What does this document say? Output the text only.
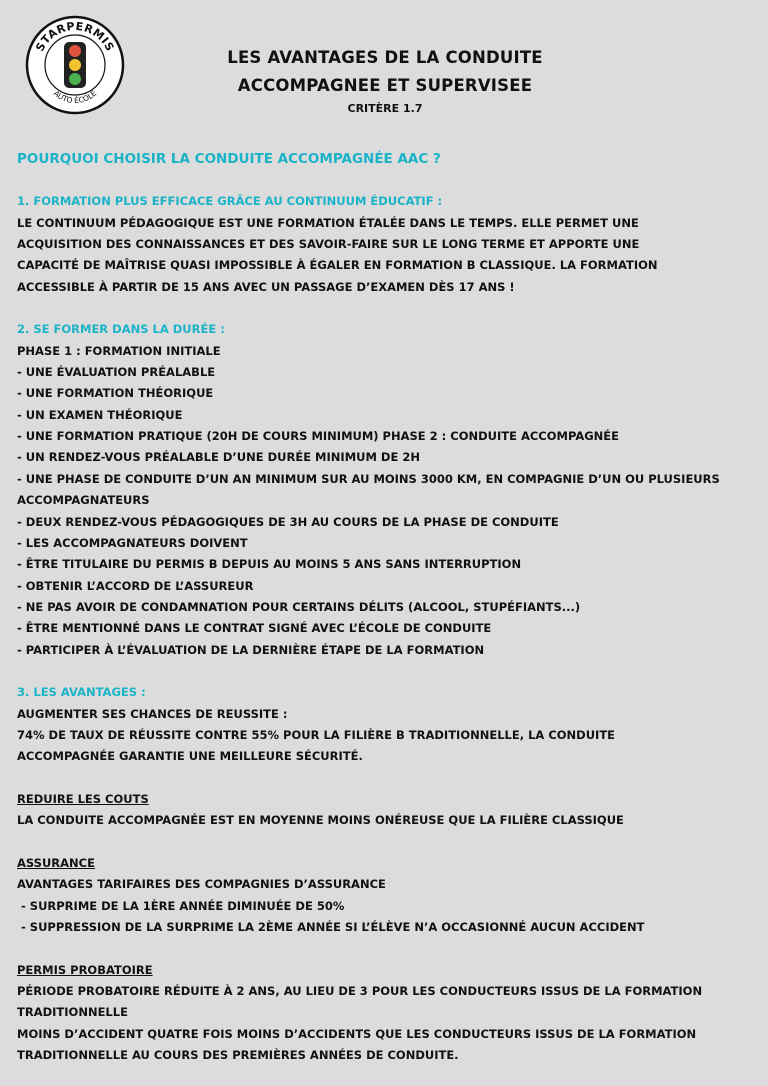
STARPERMIS
AUTO ÉCOLE
LES AVANTAGES DE LA CONDUITE
ACCOMPAGNEE ET SUPERVISEE
CRITÈRE 1.7
POURQUOI CHOISIR LA CONDUITE ACCOMPAGNÉE AAC ?
1. FORMATION PLUS EFFICACE GRÂCE AU CONTINUUM ÉDUCATIF :
LE CONTINUUM PÉDAGOGIQUE EST UNE FORMATION ÉTALÉE DANS LE TEMPS. ELLE PERMET UNE
ACQUISITION DES CONNAISSANCES ET DES SAVOIR-FAIRE SUR LE LONG TERME ET APPORTE UNE
CAPACITÉ DE MAÎTRISE QUASI IMPOSSIBLE À ÉGALER EN FORMATION B CLASSIQUE. LA FORMATION
ACCESSIBLE À PARTIR DE 15 ANS AVEC UN PASSAGE D’EXAMEN DÈS 17 ANS !
2. SE FORMER DANS LA DURÉE :
PHASE 1 : FORMATION INITIALE
- UNE ÉVALUATION PRÉALABLE
- UNE FORMATION THÉORIQUE
- UN EXAMEN THÉORIQUE
- UNE FORMATION PRATIQUE (20H DE COURS MINIMUM) PHASE 2 : CONDUITE ACCOMPAGNÉE
- UN RENDEZ-VOUS PRÉALABLE D’UNE DURÉE MINIMUM DE 2H
- UNE PHASE DE CONDUITE D’UN AN MINIMUM SUR AU MOINS 3000 KM, EN COMPAGNIE D’UN OU PLUSIEURS
ACCOMPAGNATEURS
- DEUX RENDEZ-VOUS PÉDAGOGIQUES DE 3H AU COURS DE LA PHASE DE CONDUITE
- LES ACCOMPAGNATEURS DOIVENT
- ÊTRE TITULAIRE DU PERMIS B DEPUIS AU MOINS 5 ANS SANS INTERRUPTION
- OBTENIR L’ACCORD DE L’ASSUREUR
- NE PAS AVOIR DE CONDAMNATION POUR CERTAINS DÉLITS (ALCOOL, STUPÉFIANTS...)
- ÊTRE MENTIONNÉ DANS LE CONTRAT SIGNÉ AVEC L’ÉCOLE DE CONDUITE
- PARTICIPER À L’ÉVALUATION DE LA DERNIÈRE ÉTAPE DE LA FORMATION
3. LES AVANTAGES :
AUGMENTER SES CHANCES DE REUSSITE :
74% DE TAUX DE RÉUSSITE CONTRE 55% POUR LA FILIÈRE B TRADITIONNELLE, LA CONDUITE
ACCOMPAGNÉE GARANTIE UNE MEILLEURE SÉCURITÉ.
REDUIRE LES COUTS
LA CONDUITE ACCOMPAGNÉE EST EN MOYENNE MOINS ONÉREUSE QUE LA FILIÈRE CLASSIQUE
ASSURANCE
AVANTAGES TARIFAIRES DES COMPAGNIES D’ASSURANCE
- SURPRIME DE LA 1ÈRE ANNÉE DIMINUÉE DE 50%
- SUPPRESSION DE LA SURPRIME LA 2ÈME ANNÉE SI L’ÉLÈVE N’A OCCASIONNÉ AUCUN ACCIDENT
PERMIS PROBATOIRE
PÉRIODE PROBATOIRE RÉDUITE À 2 ANS, AU LIEU DE 3 POUR LES CONDUCTEURS ISSUS DE LA FORMATION
TRADITIONNELLE
MOINS D’ACCIDENT QUATRE FOIS MOINS D’ACCIDENTS QUE LES CONDUCTEURS ISSUS DE LA FORMATION
TRADITIONNELLE AU COURS DES PREMIÈRES ANNÉES DE CONDUITE.
